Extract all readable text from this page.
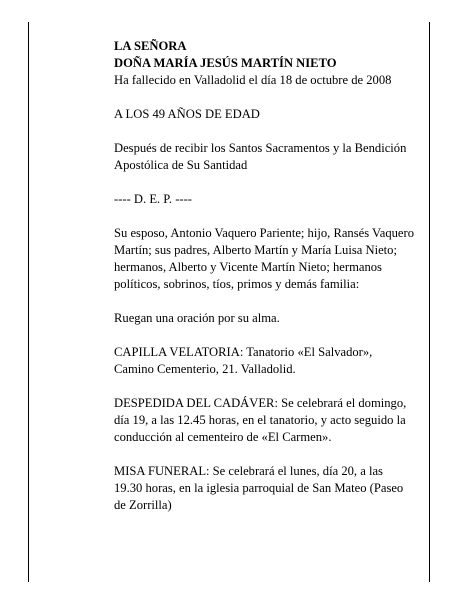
LA SEÑORA

DOÑA MARÍA JESÚS MARTÍN NIETO

Ha fallecido en Valladolid el día 18 de octubre de 2008

A LOS 49 AÑOS DE EDAD

Después de recibir los Santos Sacramentos y la Bendición Apostólica de Su Santidad

---- D. E. P. ----

Su esposo, Antonio Vaquero Pariente; hijo, Ransés Vaquero Martín; sus padres, Alberto Martín y María Luisa Nieto; hermanos, Alberto y Vicente Martín Nieto; hermanos políticos, sobrinos, tíos, primos y demás familia:

Ruegan una oración por su alma.

CAPILLA VELATORIA: Tanatorio «El Salvador», Camino Cementerio, 21. Valladolid.

DESPEDIDA DEL CADÁVER: Se celebrará el domingo, día 19, a las 12.45 horas, en el tanatorio, y acto seguido la conducción al cementeiro de «El Carmen».

MISA FUNERAL: Se celebrará el lunes, día 20, a las 19.30 horas, en la iglesia parroquial de San Mateo (Paseo de Zorrilla)
